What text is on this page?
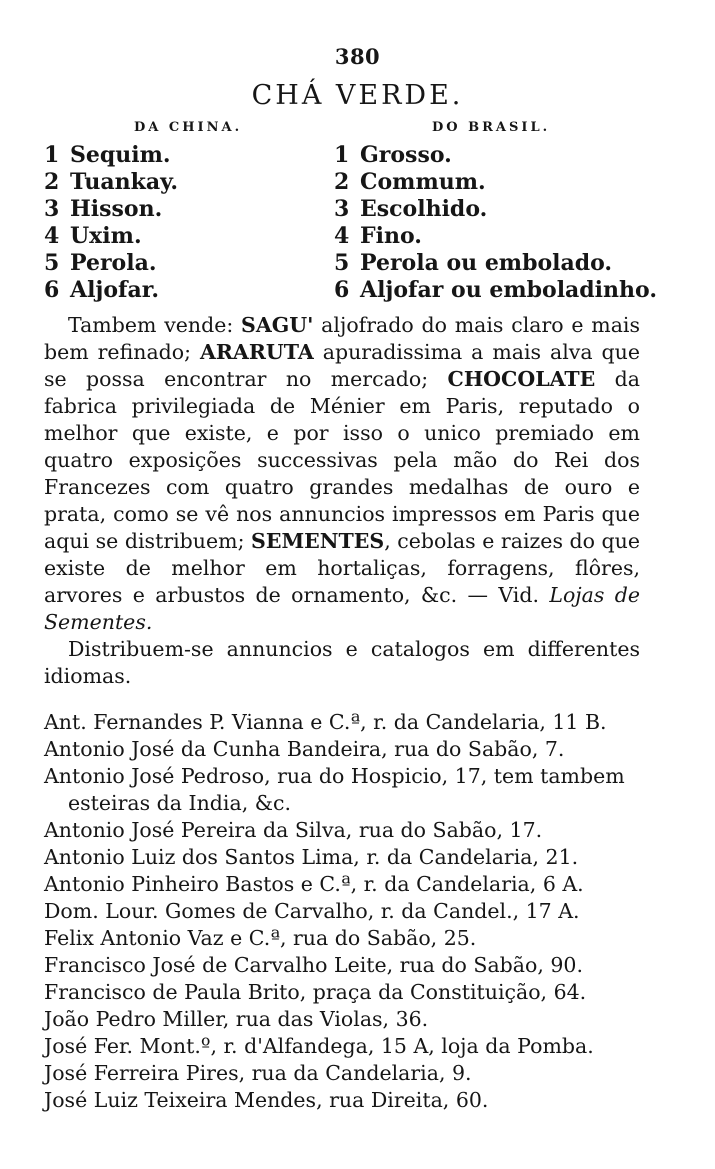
380
CHÁ VERDE.
DA CHINA.	DO BRASIL.
1 Sequim.
2 Tuankay.
3 Hisson.
4 Uxim.
5 Perola.
6 Aljofar.
1 Grosso.
2 Commum.
3 Escolhido.
4 Fino.
5 Perola ou embolado.
6 Aljofar ou emboladinho.

Tambem vende: SAGU' aljofrado do mais claro e mais bem refinado; ARARUTA apuradissima a mais alva que se possa encontrar no mercado; CHOCOLATE da fabrica privilegiada de Ménier em Paris, reputado o melhor que existe, e por isso o unico premiado em quatro exposições successivas pela mão do Rei dos Francezes com quatro grandes medalhas de ouro e prata, como se vê nos annuncios impressos em Paris que aqui se distribuem; SEMENTES, cebolas e raizes do que existe de melhor em hortaliças, forragens, flôres, arvores e arbustos de ornamento, &c. — Vid. Lojas de Sementes.

Distribuem-se annuncios e catalogos em differentes idiomas.

Ant. Fernandes P. Vianna e C.ª, r. da Candelaria, 11 B.
Antonio José da Cunha Bandeira, rua do Sabão, 7.
Antonio José Pedroso, rua do Hospicio, 17, tem tambem esteiras da India, &c.
Antonio José Pereira da Silva, rua do Sabão, 17.
Antonio Luiz dos Santos Lima, r. da Candelaria, 21.
Antonio Pinheiro Bastos e C.ª, r. da Candelaria, 6 A.
Dom. Lour. Gomes de Carvalho, r. da Candel., 17 A.
Felix Antonio Vaz e C.ª, rua do Sabão, 25.
Francisco José de Carvalho Leite, rua do Sabão, 90.
Francisco de Paula Brito, praça da Constituição, 64.
João Pedro Miller, rua das Violas, 36.
José Fer. Mont.º, r. d'Alfandega, 15 A, loja da Pomba.
José Ferreira Pires, rua da Candelaria, 9.
José Luiz Teixeira Mendes, rua Direita, 60.
